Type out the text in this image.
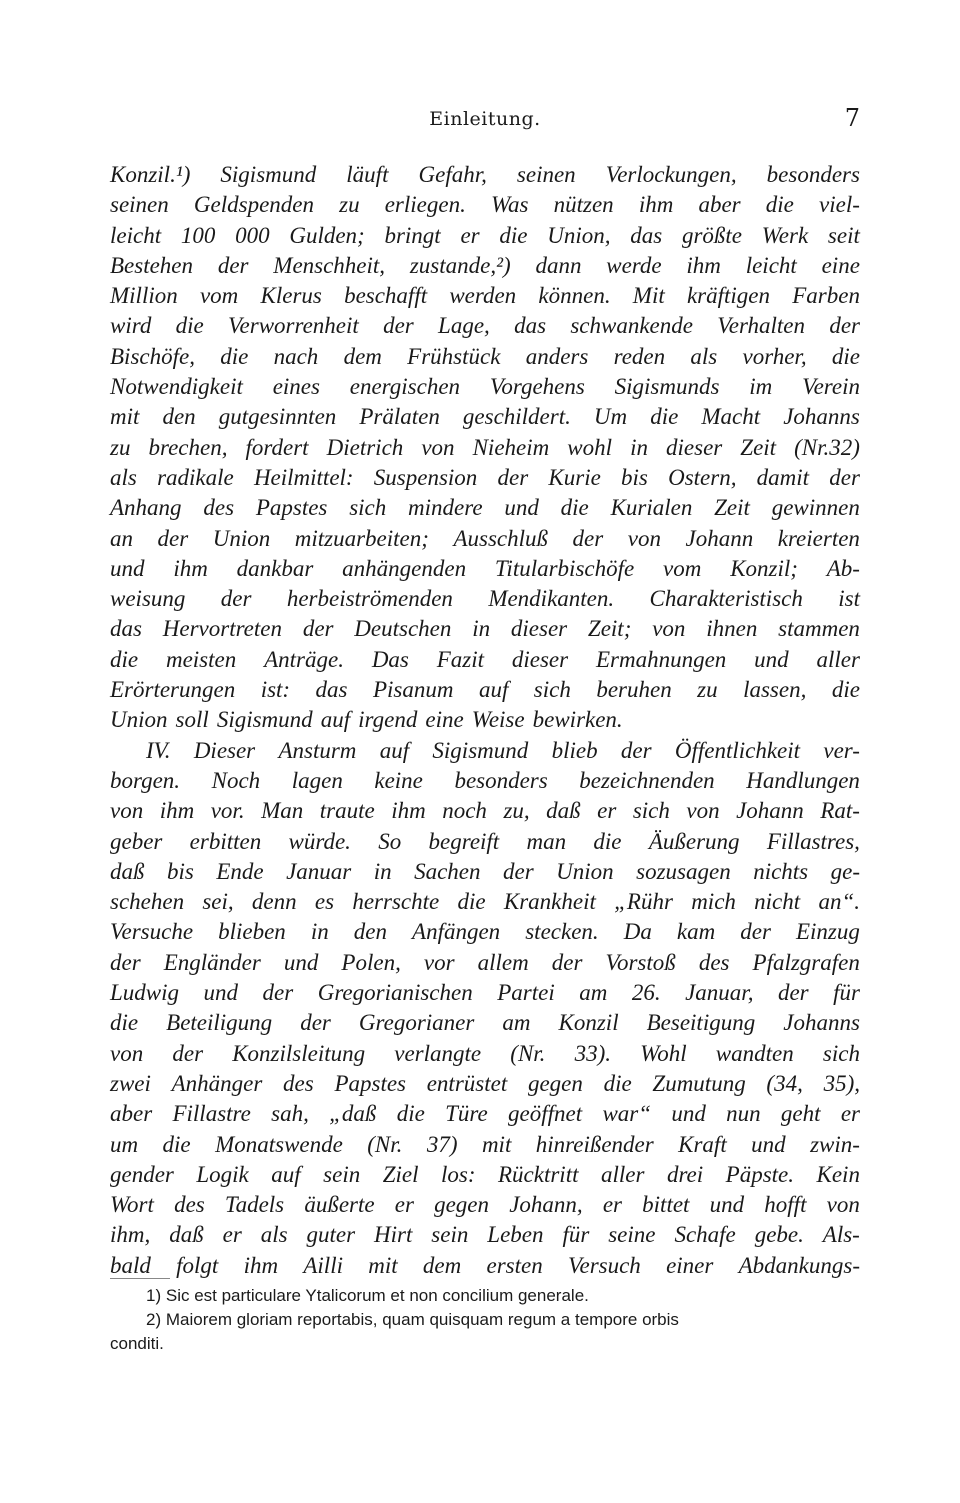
Einleitung.	7
Konzil.¹) Sigismund läuft Gefahr, seinen Verlockungen, besonders
seinen Geldspenden zu erliegen. Was nützen ihm aber die viel-
leicht 100 000 Gulden; bringt er die Union, das größte Werk seit
Bestehen der Menschheit, zustande,²) dann werde ihm leicht eine
Million vom Klerus beschafft werden können. Mit kräftigen Farben
wird die Verworrenheit der Lage, das schwankende Verhalten der
Bischöfe, die nach dem Frühstück anders reden als vorher, die
Notwendigkeit eines energischen Vorgehens Sigismunds im Verein
mit den gutgesinnten Prälaten geschildert. Um die Macht Johanns
zu brechen, fordert Dietrich von Nieheim wohl in dieser Zeit (Nr.32)
als radikale Heilmittel: Suspension der Kurie bis Ostern, damit der
Anhang des Papstes sich mindere und die Kurialen Zeit gewinnen
an der Union mitzuarbeiten; Ausschluß der von Johann kreierten
und ihm dankbar anhängenden Titularbischöfe vom Konzil; Ab-
weisung der herbeiströmenden Mendikanten. Charakteristisch ist
das Hervortreten der Deutschen in dieser Zeit; von ihnen stammen
die meisten Anträge. Das Fazit dieser Ermahnungen und aller
Erörterungen ist: das Pisanum auf sich beruhen zu lassen, die
Union soll Sigismund auf irgend eine Weise bewirken.
IV. Dieser Ansturm auf Sigismund blieb der Öffentlichkeit ver-
borgen. Noch lagen keine besonders bezeichnenden Handlungen
von ihm vor. Man traute ihm noch zu, daß er sich von Johann Rat-
geber erbitten würde. So begreift man die Äußerung Fillastres,
daß bis Ende Januar in Sachen der Union sozusagen nichts ge-
schehen sei, denn es herrschte die Krankheit „Rühr mich nicht an“.
Versuche blieben in den Anfängen stecken. Da kam der Einzug
der Engländer und Polen, vor allem der Vorstoß des Pfalzgrafen
Ludwig und der Gregorianischen Partei am 26. Januar, der für
die Beteiligung der Gregorianer am Konzil Beseitigung Johanns
von der Konzilsleitung verlangte (Nr. 33). Wohl wandten sich
zwei Anhänger des Papstes entrüstet gegen die Zumutung (34, 35),
aber Fillastre sah, „daß die Türe geöffnet war“ und nun geht er
um die Monatswende (Nr. 37) mit hinreißender Kraft und zwin-
gender Logik auf sein Ziel los: Rücktritt aller drei Päpste. Kein
Wort des Tadels äußerte er gegen Johann, er bittet und hofft von
ihm, daß er als guter Hirt sein Leben für seine Schafe gebe. Als-
bald folgt ihm Ailli mit dem ersten Versuch einer Abdankungs-
1) Sic est particulare Ytalicorum et non concilium generale.
2) Maiorem gloriam reportabis, quam quisquam regum a tempore orbis
conditi.
